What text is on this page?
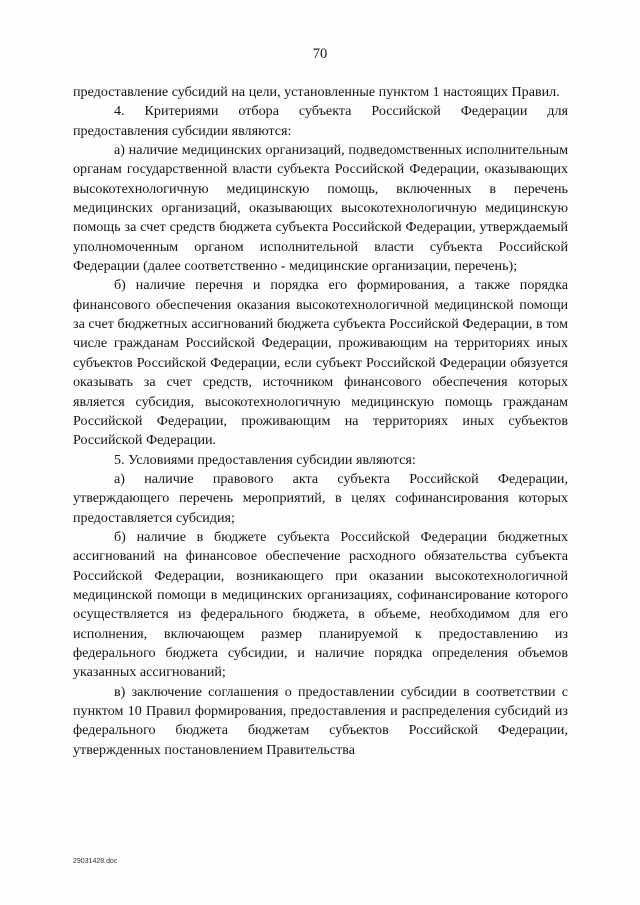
70

предоставление субсидий на цели, установленные пунктом 1 настоящих Правил.

4. Критериями отбора субъекта Российской Федерации для предоставления субсидии являются:

а) наличие медицинских организаций, подведомственных исполнительным органам государственной власти субъекта Российской Федерации, оказывающих высокотехнологичную медицинскую помощь, включенных в перечень медицинских организаций, оказывающих высокотехнологичную медицинскую помощь за счет средств бюджета субъекта Российской Федерации, утверждаемый уполномоченным органом исполнительной власти субъекта Российской Федерации (далее соответственно - медицинские организации, перечень);

б) наличие перечня и порядка его формирования, а также порядка финансового обеспечения оказания высокотехнологичной медицинской помощи за счет бюджетных ассигнований бюджета субъекта Российской Федерации, в том числе гражданам Российской Федерации, проживающим на территориях иных субъектов Российской Федерации, если субъект Российской Федерации обязуется оказывать за счет средств, источником финансового обеспечения которых является субсидия, высокотехнологичную медицинскую помощь гражданам Российской Федерации, проживающим на территориях иных субъектов Российской Федерации.

5. Условиями предоставления субсидии являются:

а) наличие правового акта субъекта Российской Федерации, утверждающего перечень мероприятий, в целях софинансирования которых предоставляется субсидия;

б) наличие в бюджете субъекта Российской Федерации бюджетных ассигнований на финансовое обеспечение расходного обязательства субъекта Российской Федерации, возникающего при оказании высокотехнологичной медицинской помощи в медицинских организациях, софинансирование которого осуществляется из федерального бюджета, в объеме, необходимом для его исполнения, включающем размер планируемой к предоставлению из федерального бюджета субсидии, и наличие порядка определения объемов указанных ассигнований;

в) заключение соглашения о предоставлении субсидии в соответствии с пунктом 10 Правил формирования, предоставления и распределения субсидий из федерального бюджета бюджетам субъектов Российской Федерации, утвержденных постановлением Правительства

29031428.doc
